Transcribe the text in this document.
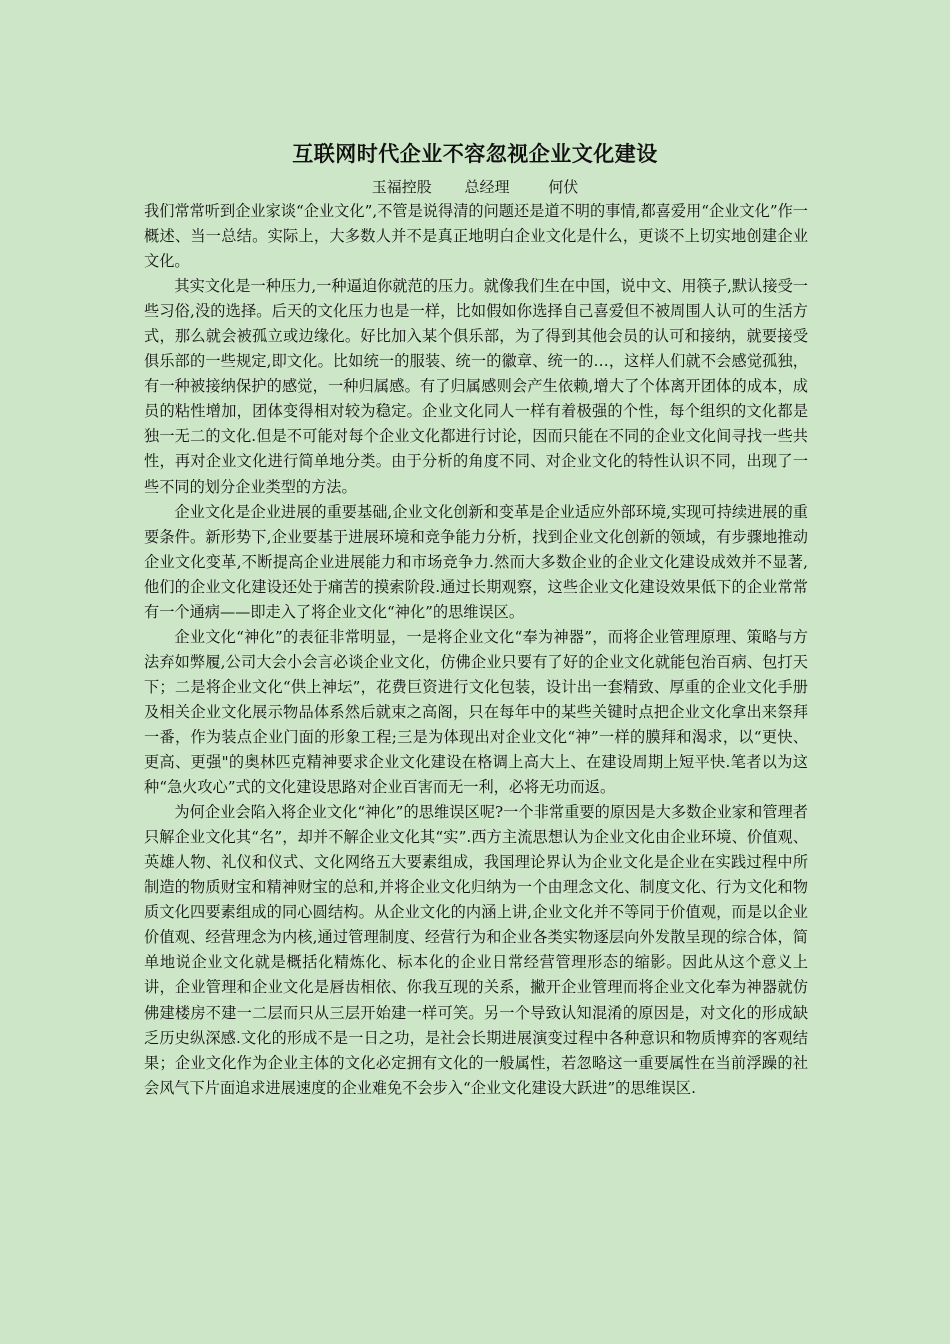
互联网时代企业不容忽视企业文化建设
玉福控股 总经理	何伏

我们常常听到企业家谈“企业文化”,不管是说得清的问题还是道不明的事情,都喜爱用“企业文化”作一概述、当一总结。实际上，大多数人并不是真正地明白企业文化是什么，更谈不上切实地创建企业文化。

其实文化是一种压力,一种逼迫你就范的压力。就像我们生在中国，说中文、用筷子,默认接受一些习俗,没的选择。后天的文化压力也是一样，比如假如你选择自己喜爱但不被周围人认可的生活方式，那么就会被孤立或边缘化。好比加入某个俱乐部，为了得到其他会员的认可和接纳，就要接受俱乐部的一些规定,即文化。比如统一的服装、统一的徽章、统一的…，这样人们就不会感觉孤独，有一种被接纳保护的感觉，一种归属感。有了归属感则会产生依赖,增大了个体离开团体的成本，成员的粘性增加，团体变得相对较为稳定。企业文化同人一样有着极强的个性，每个组织的文化都是独一无二的文化.但是不可能对每个企业文化都进行讨论，因而只能在不同的企业文化间寻找一些共性，再对企业文化进行简单地分类。由于分析的角度不同、对企业文化的特性认识不同，出现了一些不同的划分企业类型的方法。

企业文化是企业进展的重要基础,企业文化创新和变革是企业适应外部环境,实现可持续进展的重要条件。新形势下,企业要基于进展环境和竞争能力分析，找到企业文化创新的领域，有步骤地推动企业文化变革,不断提高企业进展能力和市场竞争力.然而大多数企业的企业文化建设成效并不显著,他们的企业文化建设还处于痛苦的摸索阶段.通过长期观察，这些企业文化建设效果低下的企业常常有一个通病——即走入了将企业文化“神化”的思维误区。

企业文化“神化”的表征非常明显，一是将企业文化“奉为神器”，而将企业管理原理、策略与方法弃如弊履,公司大会小会言必谈企业文化，仿佛企业只要有了好的企业文化就能包治百病、包打天下；二是将企业文化“供上神坛”，花费巨资进行文化包装，设计出一套精致、厚重的企业文化手册及相关企业文化展示物品体系然后就束之高阁，只在每年中的某些关键时点把企业文化拿出来祭拜一番，作为装点企业门面的形象工程;三是为体现出对企业文化“神”一样的膜拜和渴求，以“更快、更高、更强"的奥林匹克精神要求企业文化建设在格调上高大上、在建设周期上短平快.笔者以为这种“急火攻心”式的文化建设思路对企业百害而无一利，必将无功而返。

为何企业会陷入将企业文化“神化”的思维误区呢?一个非常重要的原因是大多数企业家和管理者只解企业文化其“名”，却并不解企业文化其“实”.西方主流思想认为企业文化由企业环境、价值观、英雄人物、礼仪和仪式、文化网络五大要素组成，我国理论界认为企业文化是企业在实践过程中所制造的物质财宝和精神财宝的总和,并将企业文化归纳为一个由理念文化、制度文化、行为文化和物质文化四要素组成的同心圆结构。从企业文化的内涵上讲,企业文化并不等同于价值观，而是以企业价值观、经营理念为内核,通过管理制度、经营行为和企业各类实物逐层向外发散呈现的综合体，简单地说企业文化就是概括化精炼化、标本化的企业日常经营管理形态的缩影。因此从这个意义上讲，企业管理和企业文化是唇齿相依、你我互现的关系，撇开企业管理而将企业文化奉为神器就仿佛建楼房不建一二层而只从三层开始建一样可笑。另一个导致认知混淆的原因是，对文化的形成缺乏历史纵深感.文化的形成不是一日之功，是社会长期进展演变过程中各种意识和物质博弈的客观结果；企业文化作为企业主体的文化必定拥有文化的一般属性，若忽略这一重要属性在当前浮躁的社会风气下片面追求进展速度的企业难免不会步入“企业文化建设大跃进”的思维误区.
